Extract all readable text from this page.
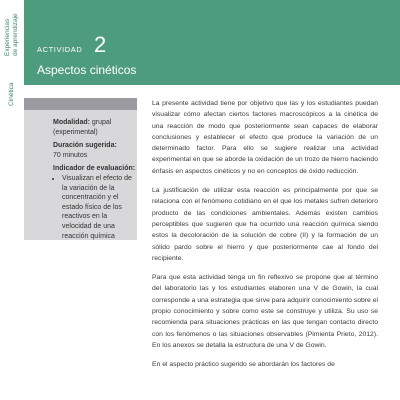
Experiencias de aprendizaje
Cinética
ACTIVIDAD 2
Aspectos cinéticos
Modalidad: grupal (experimental)
Duración sugerida:
70 minutos
Indicador de evaluación:
• Visualizan el efecto de la variación de la concentración y el estado físico de los reactivos en la velocidad de una reacción química

La presente actividad tiene por objetivo que las y los estudiantes puedan visualizar cómo afectan ciertos factores macroscópicos a la cinética de una reacción de modo que posteriormente sean capaces de elaborar conclusiones y establecer el efecto que produce la variación de un determinado factor. Para ello se sugiere realizar una actividad experimental en que se aborde la oxidación de un trozo de hierro haciendo énfasis en aspectos cinéticos y no en conceptos de óxido reducción.

La justificación de utilizar esta reacción es principalmente por que se relaciona con el fenómeno cotidiano en el que los metales sufren deterioro producto de las condiciones ambientales. Además existen cambios perceptibles que sugieren que ha ocurrido una reacción química siendo estos la decoloración de la solución de cobre (II) y la formación de un sólido pardo sobre el hierro y que posteriormente cae al fondo del recipiente.

Para que esta actividad tenga un fin reflexivo se propone que al término del laboratorio las y los estudiantes elaboren una V de Gowin, la cual corresponde a una estrategia que sirve para adquirir conocimiento sobre el propio conocimiento y sobre como este se construye y utiliza. Su uso se recomienda para situaciones prácticas en las que tengan contacto directo con los fenómenos o las situaciones observables (Pimienta Prieto, 2012). En los anexos se detalla la estructura de una V de Gowin.

En el aspecto práctico sugerido se abordarán los factores de
